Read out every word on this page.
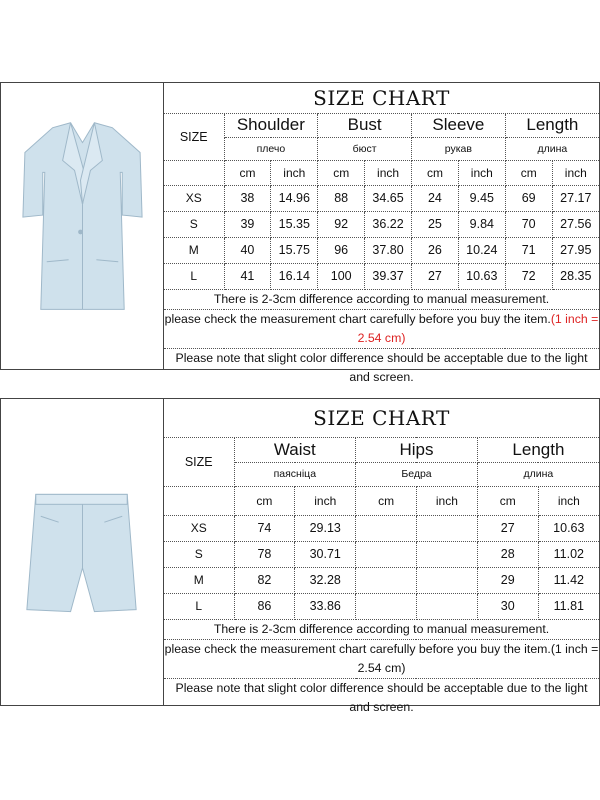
SIZE CHART								
SIZE	Shoulder		Bust		Sleeve		Length	
	плечо		бюст		рукав		длина	
	cm	inch	cm	inch	cm	inch	cm	inch
XS	38	14.96	88	34.65	24	9.45	69	27.17
S	39	15.35	92	36.22	25	9.84	70	27.56
M	40	15.75	96	37.80	26	10.24	71	27.95
L	41	16.14	100	39.37	27	10.63	72	28.35
There is 2-3cm difference according to manual measurement.								
please check the measurement chart carefully before you buy the item.(1 inch = 2.54 cm)								
Please note that slight color difference should be acceptable due to the light and screen.								
SIZE CHART						
SIZE	Waist		Hips		Length	
	паясніца		Бедра		длина	
	cm	inch	cm	inch	cm	inch
XS	74	29.13			27	10.63
S	78	30.71			28	11.02
M	82	32.28			29	11.42
L	86	33.86			30	11.81
There is 2-3cm difference according to manual measurement.						
please check the measurement chart carefully before you buy the item.(1 inch = 2.54 cm)						
Please note that slight color difference should be acceptable due to the light and screen.						
